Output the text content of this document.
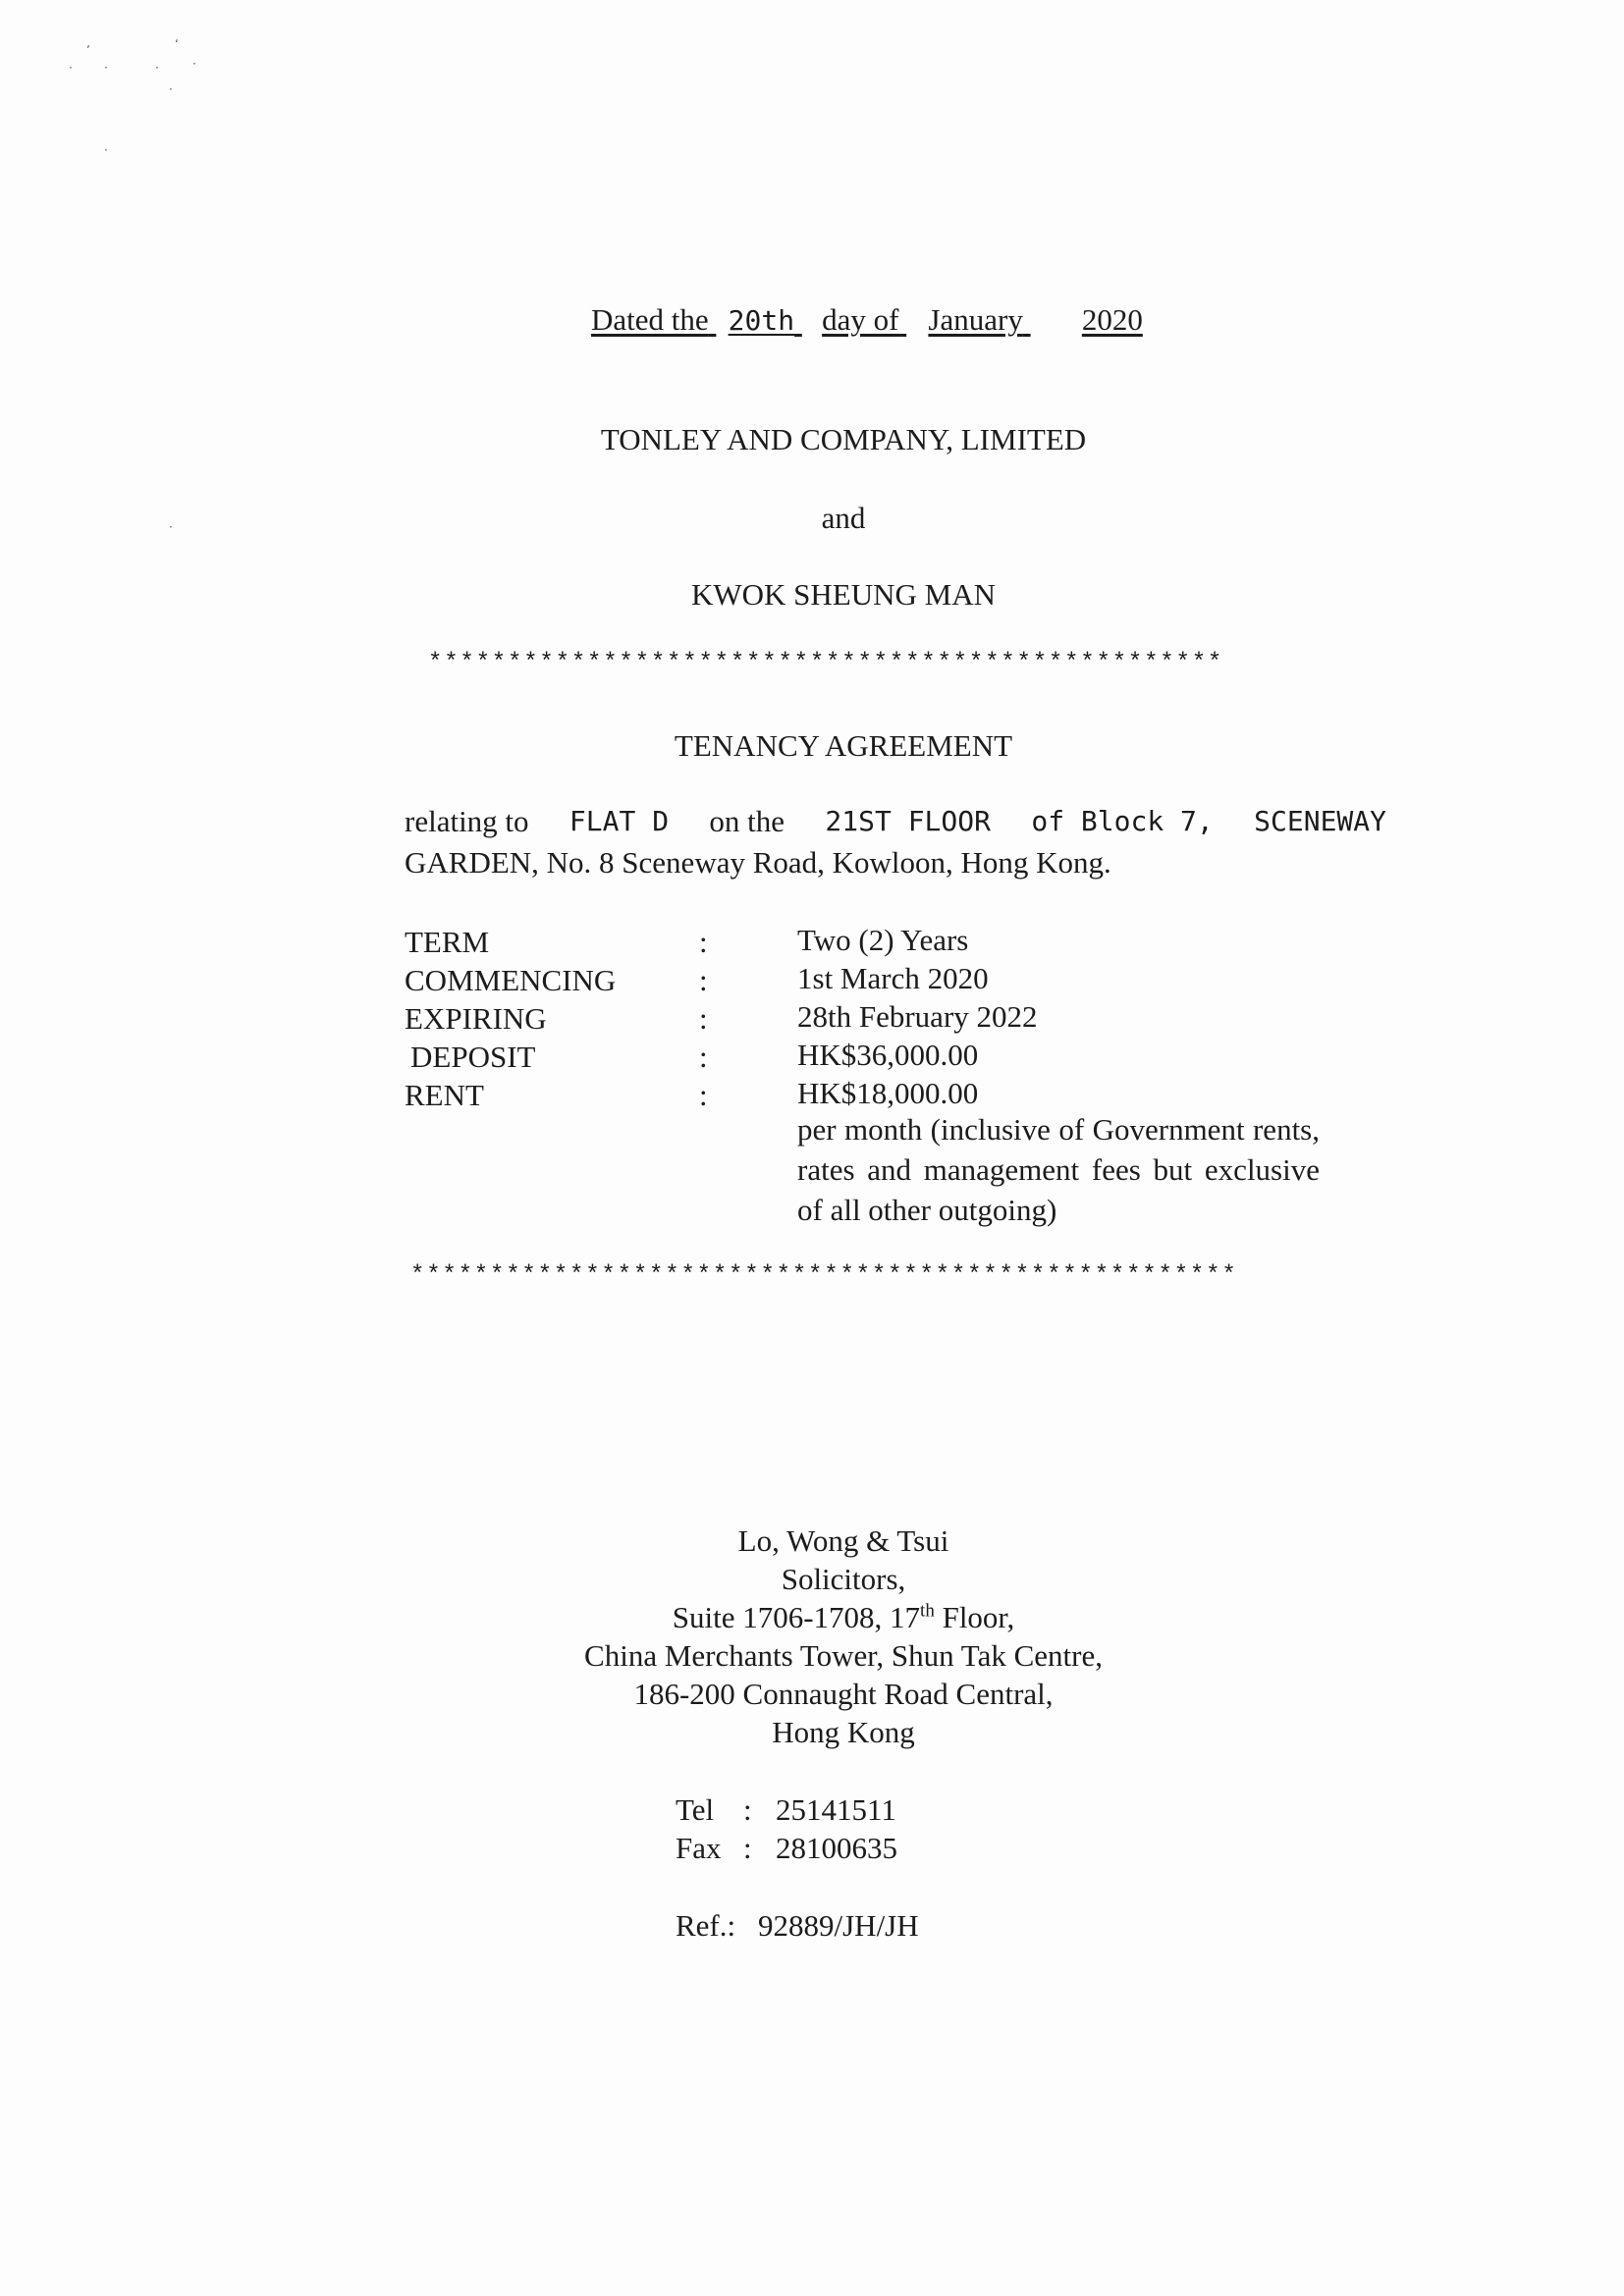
ʼ	ʻ
·	·	·	·
·
·
·
Dated the 20th day of January 2020
TONLEY AND COMPANY, LIMITED
and
KWOK SHEUNG MAN
**************************************************
TENANCY AGREEMENT
relating to FLAT D on the 21ST FLOOR of Block 7, SCENEWAY
GARDEN, No. 8 Sceneway Road, Kowloon, Hong Kong.
TERM	:	Two (2) Years
COMMENCING	:	1st March 2020
EXPIRING	:	28th February 2022
DEPOSIT	:	HK$36,000.00
RENT	:	HK$18,000.00
per month (inclusive of Government rents, rates and management fees but exclusive of all other outgoing)
****************************************************
Lo, Wong & Tsui
Solicitors,
Suite 1706-1708, 17th Floor,
China Merchants Tower, Shun Tak Centre,
186-200 Connaught Road Central,
Hong Kong
Tel : 25141511
Fax : 28100635
Ref.: 92889/JH/JH
